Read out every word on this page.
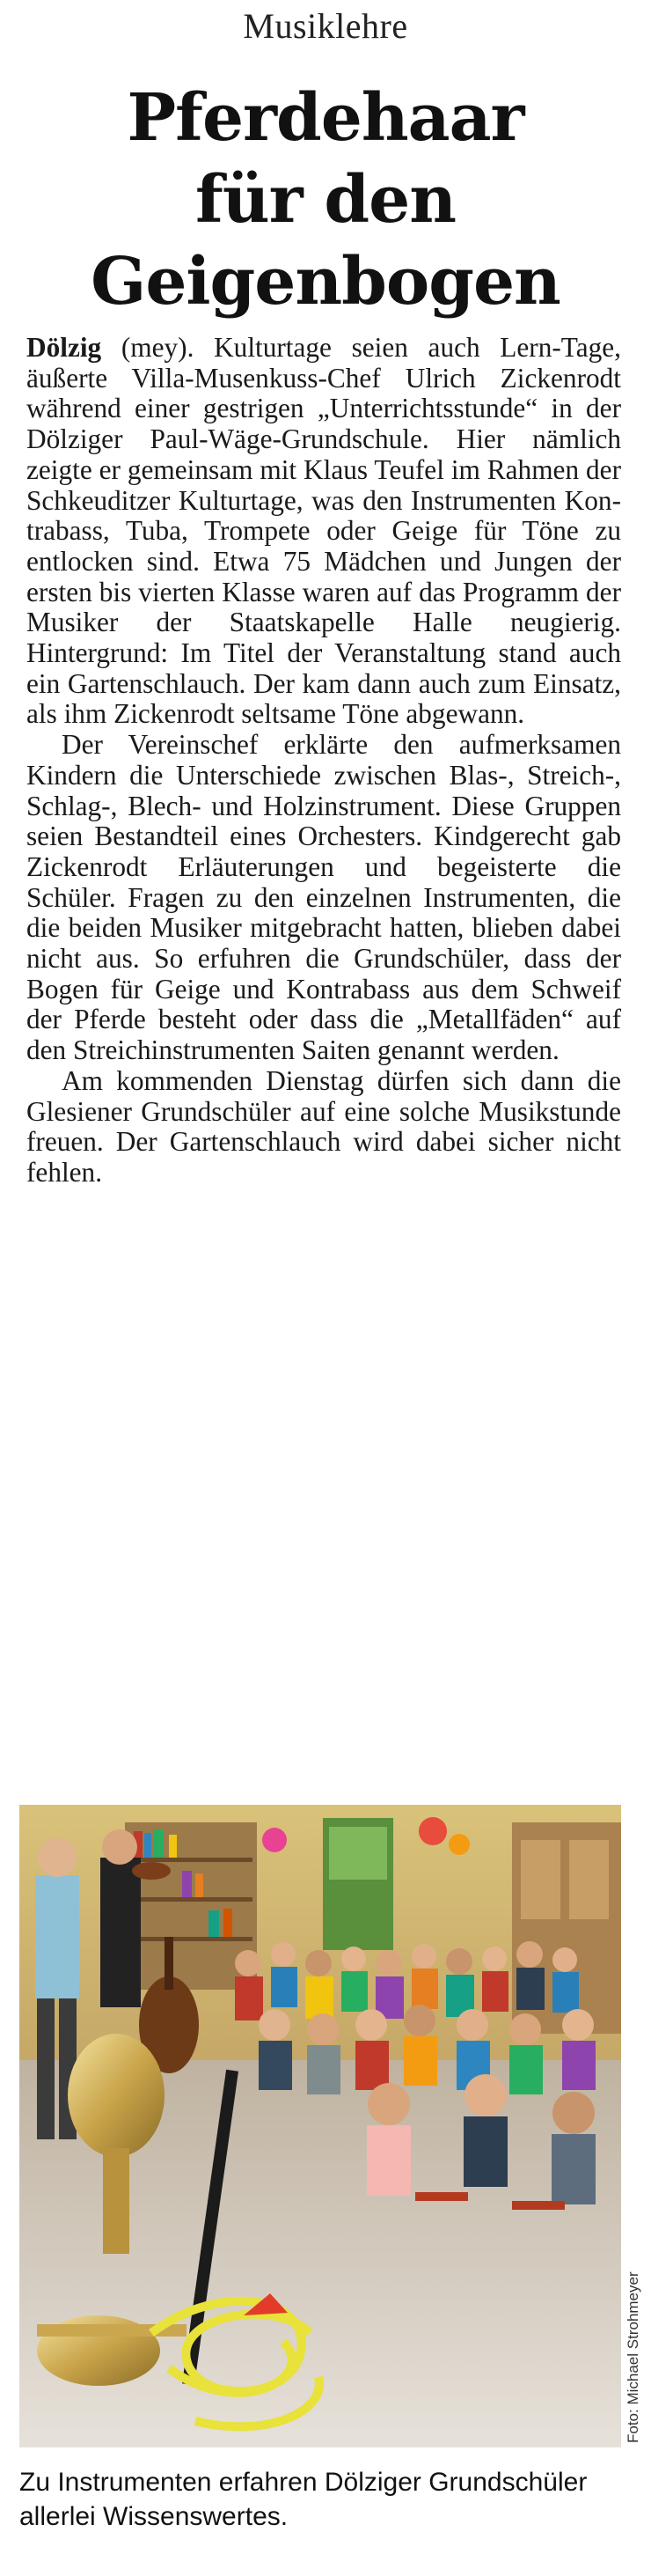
Musiklehre
Pferdehaar
für den
Geigenbogen

Dölzig (mey). Kulturtage seien auch Lern-Tage, äußerte Villa-Musenkuss-Chef Ulrich Zickenrodt während einer gestrigen „Unterrichtsstunde“ in der Dölziger Paul-Wäge-Grundschule. Hier nämlich zeigte er gemeinsam mit Klaus Teufel im Rahmen der Schkeuditzer Kulturtage, was den Instrumenten Kontrabass, Tuba, Trompete oder Geige für Töne zu entlocken sind. Etwa 75 Mädchen und Jungen der ersten bis vierten Klasse waren auf das Programm der Musiker der Staatskapelle Halle neugierig. Hintergrund: Im Titel der Veranstaltung stand auch ein Gartenschlauch. Der kam dann auch zum Einsatz, als ihm Zickenrodt seltsame Töne abgewann.

Der Vereinschef erklärte den aufmerksamen Kindern die Unterschiede zwischen Blas-, Streich-, Schlag-, Blech- und Holzinstrument. Diese Gruppen seien Bestandteil eines Orchesters. Kindgerecht gab Zickenrodt Erläuterungen und begeisterte die Schüler. Fragen zu den einzelnen Instrumenten, die die beiden Musiker mitgebracht hatten, blieben dabei nicht aus. So erfuhren die Grundschüler, dass der Bogen für Geige und Kontrabass aus dem Schweif der Pferde besteht oder dass die „Metallfäden“ auf den Streichinstrumenten Saiten genannt werden.

Am kommenden Dienstag dürfen sich dann die Glesiener Grundschüler auf eine solche Musikstunde freuen. Der Gartenschlauch wird dabei sicher nicht fehlen.

Foto: Michael Strohmeyer
Zu Instrumenten erfahren Dölziger Grundschüler allerlei Wissenswertes.
